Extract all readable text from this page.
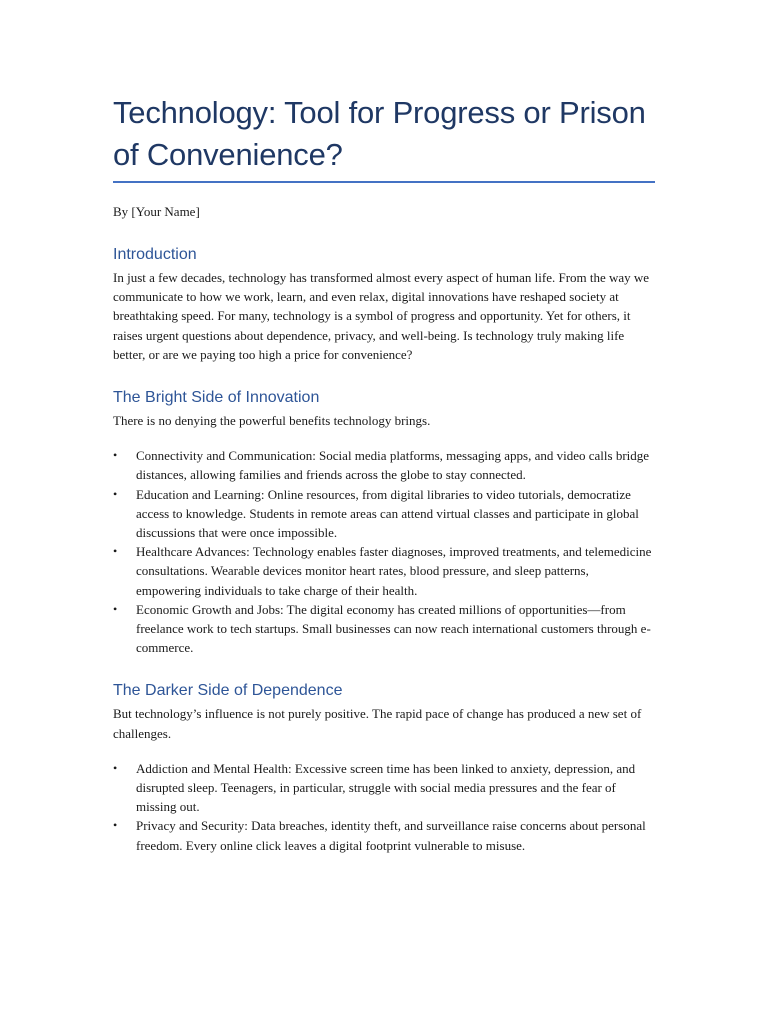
Technology: Tool for Progress or Prison of Convenience?

By [Your Name]

Introduction

In just a few decades, technology has transformed almost every aspect of human life. From the way we communicate to how we work, learn, and even relax, digital innovations have reshaped society at breathtaking speed. For many, technology is a symbol of progress and opportunity. Yet for others, it raises urgent questions about dependence, privacy, and well-being. Is technology truly making life better, or are we paying too high a price for convenience?

The Bright Side of Innovation

There is no denying the powerful benefits technology brings.

• Connectivity and Communication: Social media platforms, messaging apps, and video calls bridge distances, allowing families and friends across the globe to stay connected.
• Education and Learning: Online resources, from digital libraries to video tutorials, democratize access to knowledge. Students in remote areas can attend virtual classes and participate in global discussions that were once impossible.
• Healthcare Advances: Technology enables faster diagnoses, improved treatments, and telemedicine consultations. Wearable devices monitor heart rates, blood pressure, and sleep patterns, empowering individuals to take charge of their health.
• Economic Growth and Jobs: The digital economy has created millions of opportunities—from freelance work to tech startups. Small businesses can now reach international customers through e-commerce.
The Darker Side of Dependence

But technology’s influence is not purely positive. The rapid pace of change has produced a new set of challenges.

• Addiction and Mental Health: Excessive screen time has been linked to anxiety, depression, and disrupted sleep. Teenagers, in particular, struggle with social media pressures and the fear of missing out.
• Privacy and Security: Data breaches, identity theft, and surveillance raise concerns about personal freedom. Every online click leaves a digital footprint vulnerable to misuse.
